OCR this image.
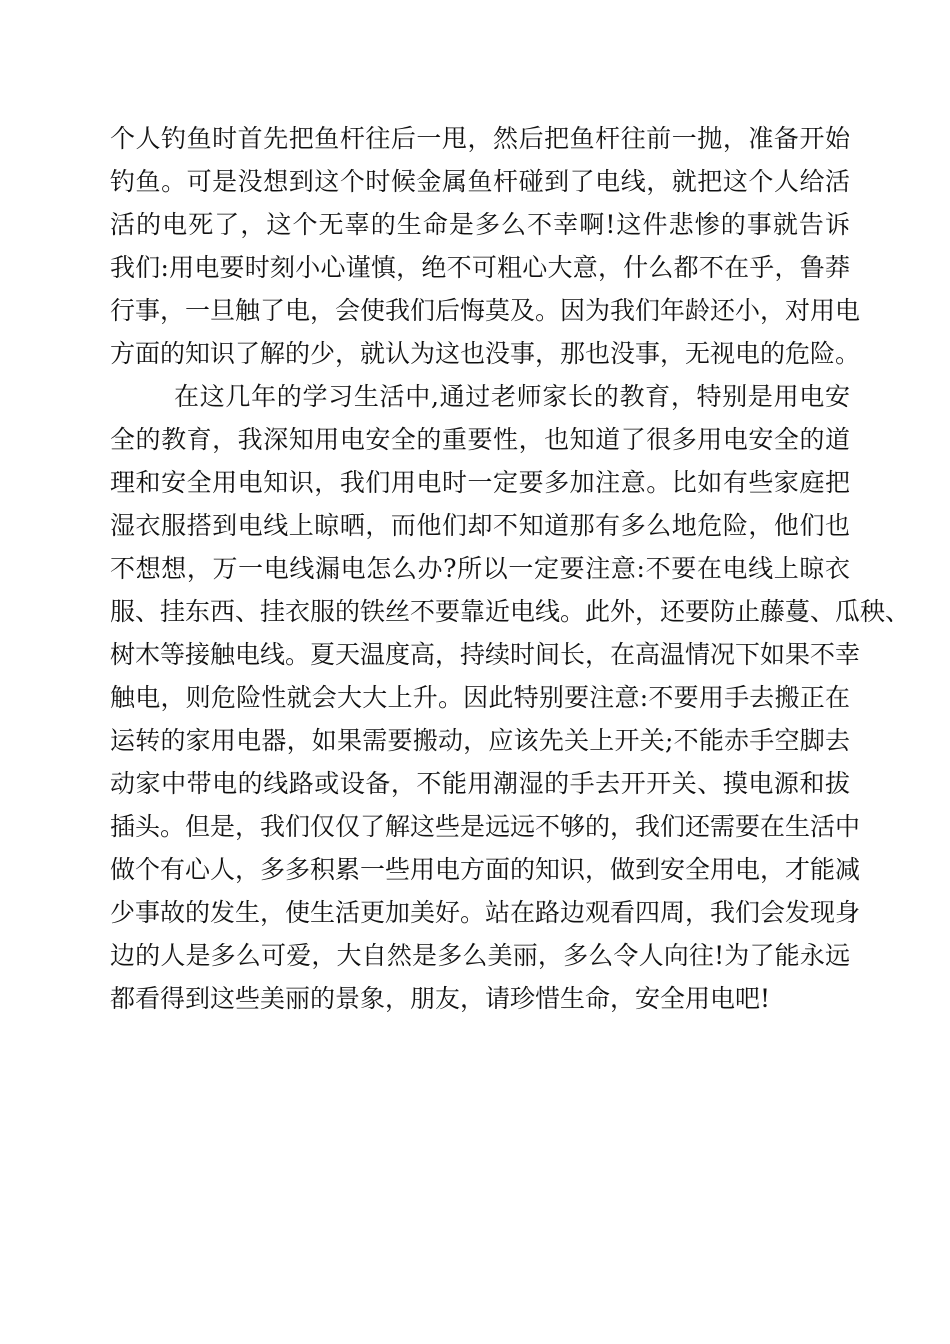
个人钓鱼时首先把鱼杆往后一甩，然后把鱼杆往前一抛，准备开始
钓鱼。可是没想到这个时候金属鱼杆碰到了电线，就把这个人给活
活的电死了，这个无辜的生命是多么不幸啊!这件悲惨的事就告诉
我们:用电要时刻小心谨慎，绝不可粗心大意，什么都不在乎，鲁莽
行事，一旦触了电，会使我们后悔莫及。因为我们年龄还小，对用电
方面的知识了解的少，就认为这也没事，那也没事，无视电的危险。
在这几年的学习生活中,通过老师家长的教育，特别是用电安
全的教育，我深知用电安全的重要性，也知道了很多用电安全的道
理和安全用电知识，我们用电时一定要多加注意。比如有些家庭把
湿衣服搭到电线上晾晒，而他们却不知道那有多么地危险，他们也
不想想，万一电线漏电怎么办?所以一定要注意:不要在电线上晾衣
服、挂东西、挂衣服的铁丝不要靠近电线。此外，还要防止藤蔓、瓜秧、
树木等接触电线。夏天温度高，持续时间长，在高温情况下如果不幸
触电，则危险性就会大大上升。因此特别要注意:不要用手去搬正在
运转的家用电器，如果需要搬动，应该先关上开关;不能赤手空脚去
动家中带电的线路或设备，不能用潮湿的手去开开关、摸电源和拔
插头。但是，我们仅仅了解这些是远远不够的，我们还需要在生活中
做个有心人，多多积累一些用电方面的知识，做到安全用电，才能减
少事故的发生，使生活更加美好。站在路边观看四周，我们会发现身
边的人是多么可爱，大自然是多么美丽，多么令人向往!为了能永远
都看得到这些美丽的景象，朋友，请珍惜生命，安全用电吧!
